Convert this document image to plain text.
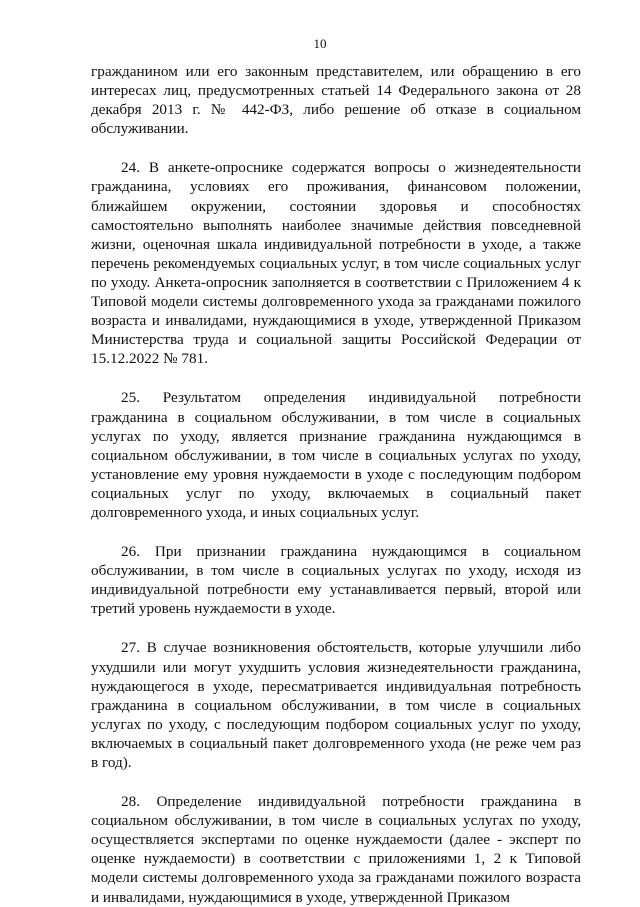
10

гражданином или его законным представителем, или обращению в его интересах лиц, предусмотренных статьей 14 Федерального закона от 28 декабря 2013 г. № 442-ФЗ, либо решение об отказе в социальном обслуживании.

24. В анкете-опроснике содержатся вопросы о жизнедеятельности гражданина, условиях его проживания, финансовом положении, ближайшем окружении, состоянии здоровья и способностях самостоятельно выполнять наиболее значимые действия повседневной жизни, оценочная шкала индивидуальной потребности в уходе, а также перечень рекомендуемых социальных услуг, в том числе социальных услуг по уходу. Анкета-опросник заполняется в соответствии с Приложением 4 к Типовой модели системы долговременного ухода за гражданами пожилого возраста и инвалидами, нуждающимися в уходе, утвержденной Приказом Министерства труда и социальной защиты Российской Федерации от 15.12.2022 № 781.

25. Результатом определения индивидуальной потребности гражданина в социальном обслуживании, в том числе в социальных услугах по уходу, является признание гражданина нуждающимся в социальном обслуживании, в том числе в социальных услугах по уходу, установление ему уровня нуждаемости в уходе с последующим подбором социальных услуг по уходу, включаемых в социальный пакет долговременного ухода, и иных социальных услуг.

26. При признании гражданина нуждающимся в социальном обслуживании, в том числе в социальных услугах по уходу, исходя из индивидуальной потребности ему устанавливается первый, второй или третий уровень нуждаемости в уходе.

27. В случае возникновения обстоятельств, которые улучшили либо ухудшили или могут ухудшить условия жизнедеятельности гражданина, нуждающегося в уходе, пересматривается индивидуальная потребность гражданина в социальном обслуживании, в том числе в социальных услугах по уходу, с последующим подбором социальных услуг по уходу, включаемых в социальный пакет долговременного ухода (не реже чем раз в год).

28. Определение индивидуальной потребности гражданина в социальном обслуживании, в том числе в социальных услугах по уходу, осуществляется экспертами по оценке нуждаемости (далее - эксперт по оценке нуждаемости) в соответствии с приложениями 1, 2 к Типовой модели системы долговременного ухода за гражданами пожилого возраста и инвалидами, нуждающимися в уходе, утвержденной Приказом
